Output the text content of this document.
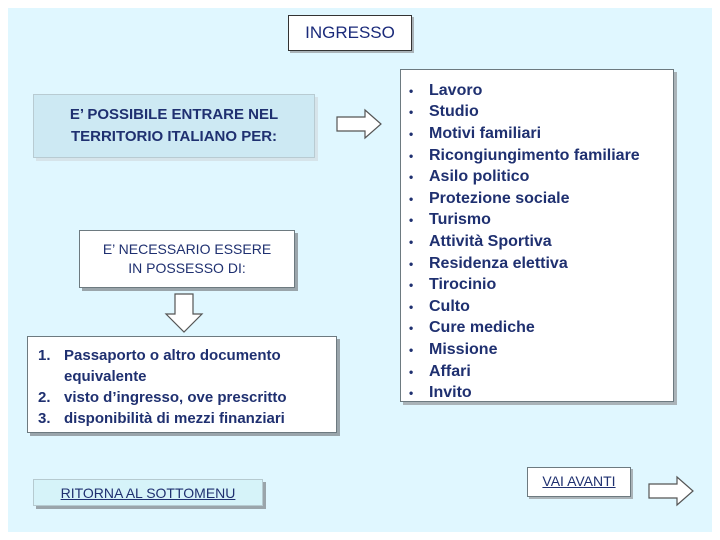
INGRESSO
E’ POSSIBILE ENTRARE NEL
TERRITORIO ITALIANO PER:
E’ NECESSARIO ESSERE
IN POSSESSO DI:
1. Passaporto o altro documento
equivalente
2. visto d’ingresso, ove prescritto
3. disponibilità di mezzi finanziari
• Lavoro
• Studio
• Motivi familiari
• Ricongiungimento familiare
• Asilo politico
• Protezione sociale
• Turismo
• Attività Sportiva
• Residenza elettiva
• Tirocinio
• Culto
• Cure mediche
• Missione
• Affari
• Invito
RITORNA AL SOTTOMENU
VAI AVANTI
